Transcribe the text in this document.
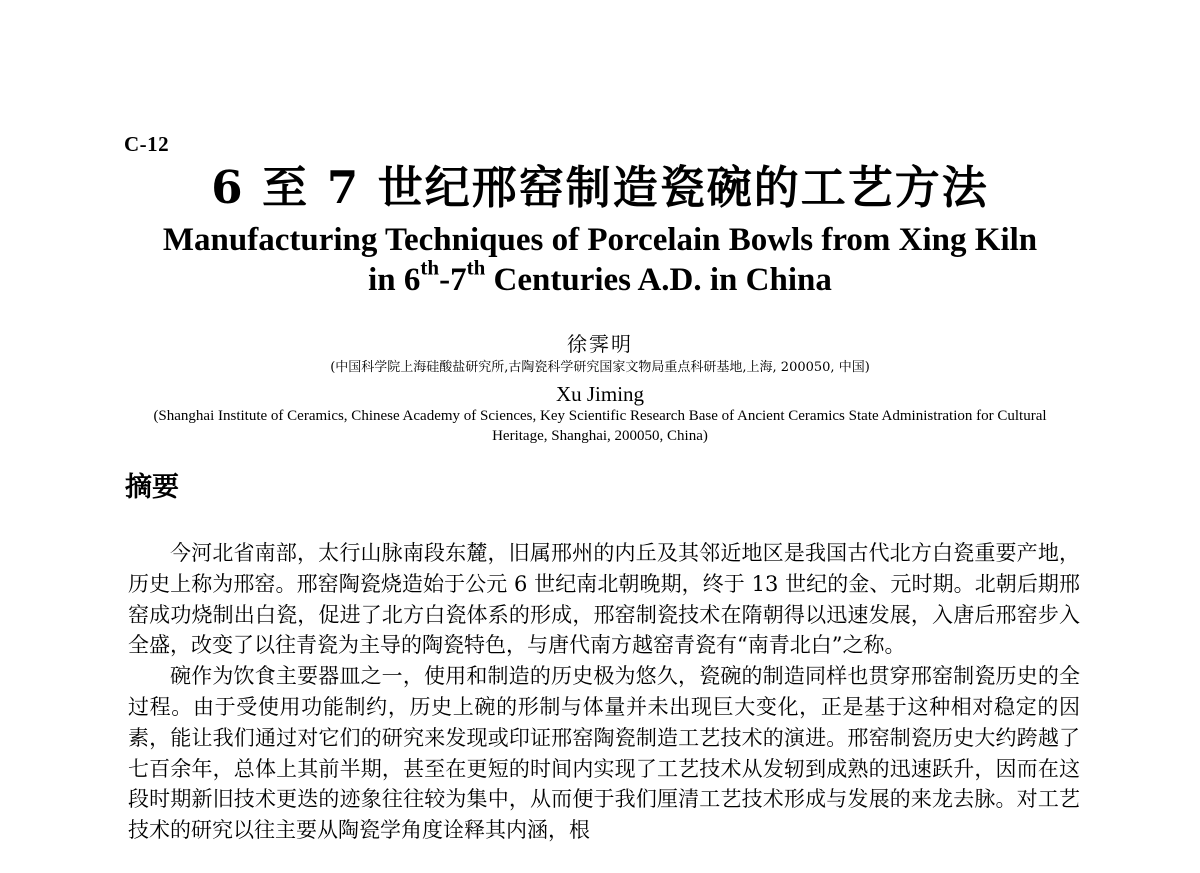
C-12
6 至 7 世纪邢窑制造瓷碗的工艺方法
Manufacturing Techniques of Porcelain Bowls from Xing Kiln
in 6th-7th Centuries A.D. in China
徐霁明
(中国科学院上海硅酸盐研究所,古陶瓷科学研究国家文物局重点科研基地,上海, 200050, 中国)
Xu Jiming
(Shanghai Institute of Ceramics, Chinese Academy of Sciences, Key Scientific Research Base of Ancient Ceramics State Administration for Cultural Heritage, Shanghai, 200050, China)
摘要

今河北省南部，太行山脉南段东麓，旧属邢州的内丘及其邻近地区是我国古代北方白瓷重要产地，历史上称为邢窑。邢窑陶瓷烧造始于公元 6 世纪南北朝晚期，终于 13 世纪的金、元时期。北朝后期邢窑成功烧制出白瓷，促进了北方白瓷体系的形成，邢窑制瓷技术在隋朝得以迅速发展，入唐后邢窑步入全盛，改变了以往青瓷为主导的陶瓷特色，与唐代南方越窑青瓷有“南青北白”之称。

碗作为饮食主要器皿之一，使用和制造的历史极为悠久，瓷碗的制造同样也贯穿邢窑制瓷历史的全过程。由于受使用功能制约，历史上碗的形制与体量并未出现巨大变化，正是基于这种相对稳定的因素，能让我们通过对它们的研究来发现或印证邢窑陶瓷制造工艺技术的演进。邢窑制瓷历史大约跨越了七百余年，总体上其前半期，甚至在更短的时间内实现了工艺技术从发轫到成熟的迅速跃升，因而在这段时期新旧技术更迭的迹象往往较为集中，从而便于我们厘清工艺技术形成与发展的来龙去脉。对工艺技术的研究以往主要从陶瓷学角度诠释其内涵，根
